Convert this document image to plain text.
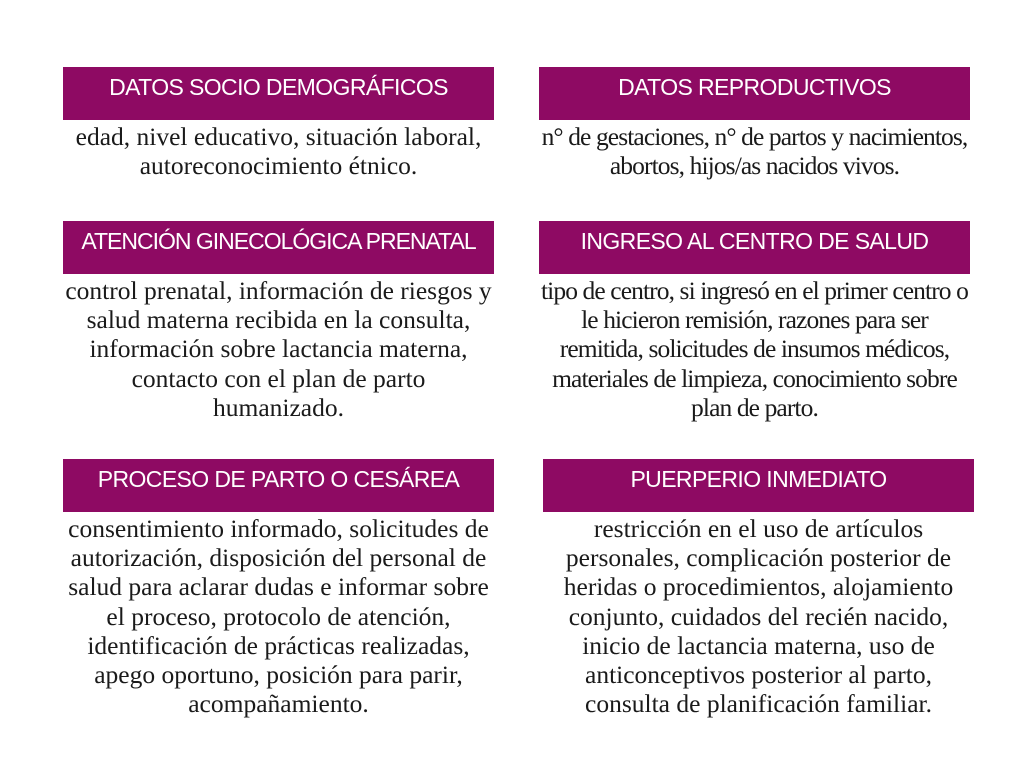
DATOS SOCIO DEMOGRÁFICOS
edad, nivel educativo, situación laboral, autoreconocimiento étnico.
DATOS REPRODUCTIVOS
n° de gestaciones, n° de partos y nacimientos, abortos, hijos/as nacidos vivos.
ATENCIÓN GINECOLÓGICA PRENATAL
control prenatal, información de riesgos y salud materna recibida en la consulta, información sobre lactancia materna, contacto con el plan de parto humanizado.
INGRESO AL CENTRO DE SALUD
tipo de centro, si ingresó en el primer centro o le hicieron remisión, razones para ser remitida, solicitudes de insumos médicos, materiales de limpieza, conocimiento sobre plan de parto.
PROCESO DE PARTO O CESÁREA
consentimiento informado, solicitudes de autorización, disposición del personal de salud para aclarar dudas e informar sobre el proceso, protocolo de atención, identificación de prácticas realizadas, apego oportuno, posición para parir, acompañamiento.
PUERPERIO INMEDIATO
restricción en el uso de artículos personales, complicación posterior de heridas o procedimientos, alojamiento conjunto, cuidados del recién nacido, inicio de lactancia materna, uso de anticonceptivos posterior al parto, consulta de planificación familiar.
